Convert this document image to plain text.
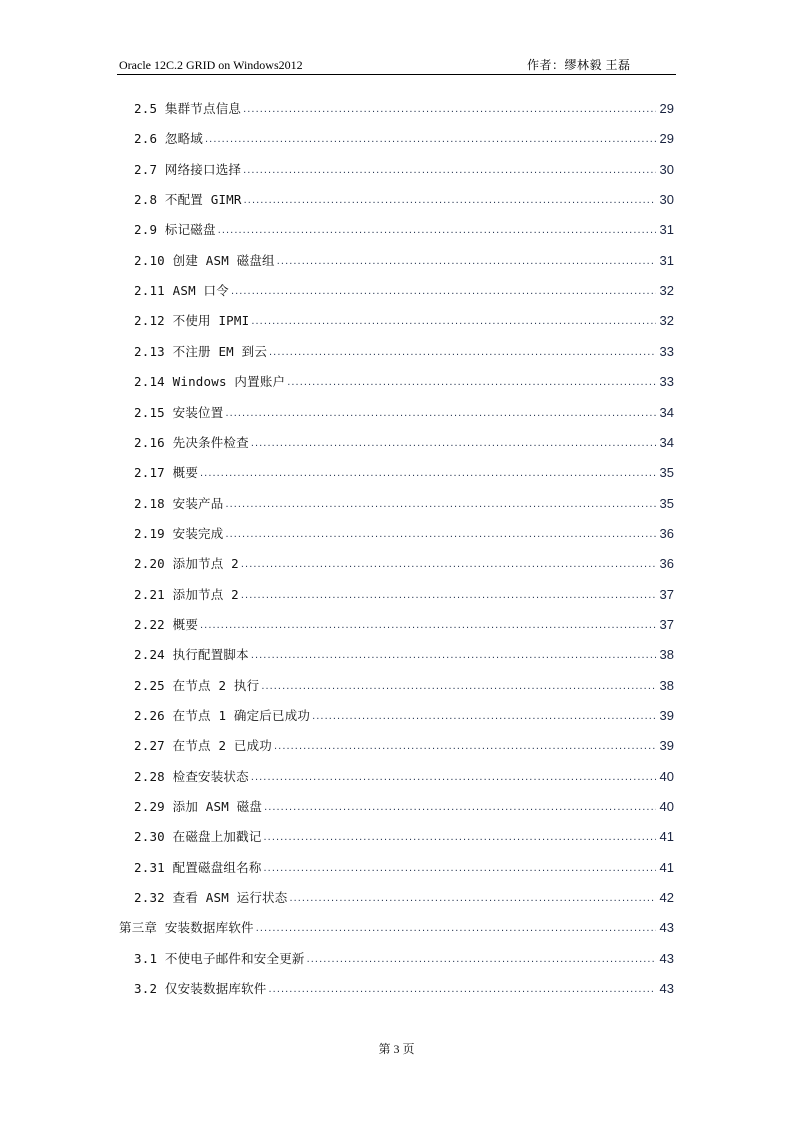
Oracle 12C.2 GRID on Windows2012	作者：缪林毅 王磊
2.5 集群节点信息 .....	29
2.6 忽略域 .....	29
2.7 网络接口选择 .....	30
2.8 不配置 GIMR .....	30
2.9 标记磁盘 .....	31
2.10 创建 ASM 磁盘组 .....	31
2.11 ASM 口令 .....	32
2.12 不使用 IPMI .....	32
2.13 不注册 EM 到云 .....	33
2.14 Windows 内置账户 .....	33
2.15 安装位置 .....	34
2.16 先决条件检查 .....	34
2.17 概要 .....	35
2.18 安装产品 .....	35
2.19 安装完成 .....	36
2.20 添加节点 2 .....	36
2.21 添加节点 2 .....	37
2.22 概要 .....	37
2.24 执行配置脚本 .....	38
2.25 在节点 2 执行 .....	38
2.26 在节点 1 确定后已成功 .....	39
2.27 在节点 2 已成功 .....	39
2.28 检查安装状态 .....	40
2.29 添加 ASM 磁盘 .....	40
2.30 在磁盘上加戳记 .....	41
2.31 配置磁盘组名称 .....	41
2.32 查看 ASM 运行状态 .....	42
第三章 安装数据库软件 .....	43
3.1 不使电子邮件和安全更新 .....	43
3.2 仅安装数据库软件 .....	43
第 3 页
